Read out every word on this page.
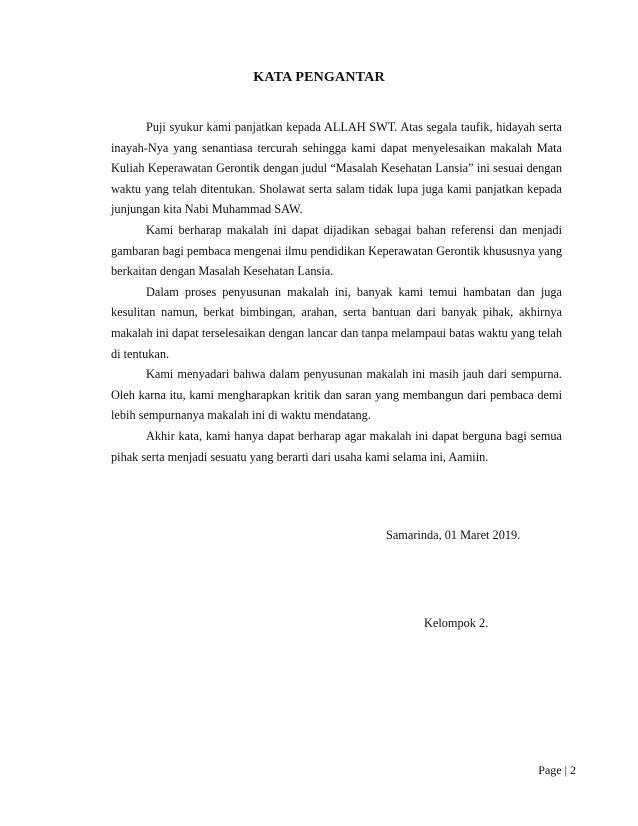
KATA PENGANTAR

Puji syukur kami panjatkan kepada ALLAH SWT. Atas segala taufik, hidayah serta inayah-Nya yang senantiasa tercurah sehingga kami dapat menyelesaikan makalah Mata Kuliah Keperawatan Gerontik dengan judul “Masalah Kesehatan Lansia” ini sesuai dengan waktu yang telah ditentukan. Sholawat serta salam tidak lupa juga kami panjatkan kepada junjungan kita Nabi Muhammad SAW.

Kami berharap makalah ini dapat dijadikan sebagai bahan referensi dan menjadi gambaran bagi pembaca mengenai ilmu pendidikan Keperawatan Gerontik khususnya yang berkaitan dengan Masalah Kesehatan Lansia.

Dalam proses penyusunan makalah ini, banyak kami temui hambatan dan juga kesulitan namun, berkat bimbingan, arahan, serta bantuan dari banyak pihak, akhirnya makalah ini dapat terselesaikan dengan lancar dan tanpa melampaui batas waktu yang telah di tentukan.

Kami menyadari bahwa dalam penyusunan makalah ini masih jauh dari sempurna. Oleh karna itu, kami mengharapkan kritik dan saran yang membangun dari pembaca demi lebih sempurnanya makalah ini di waktu mendatang.

Akhir kata, kami hanya dapat berharap agar makalah ini dapat berguna bagi semua pihak serta menjadi sesuatu yang berarti dari usaha kami selama ini, Aamiin.

Samarinda, 01 Maret 2019.
Kelompok 2.
Page | 2
